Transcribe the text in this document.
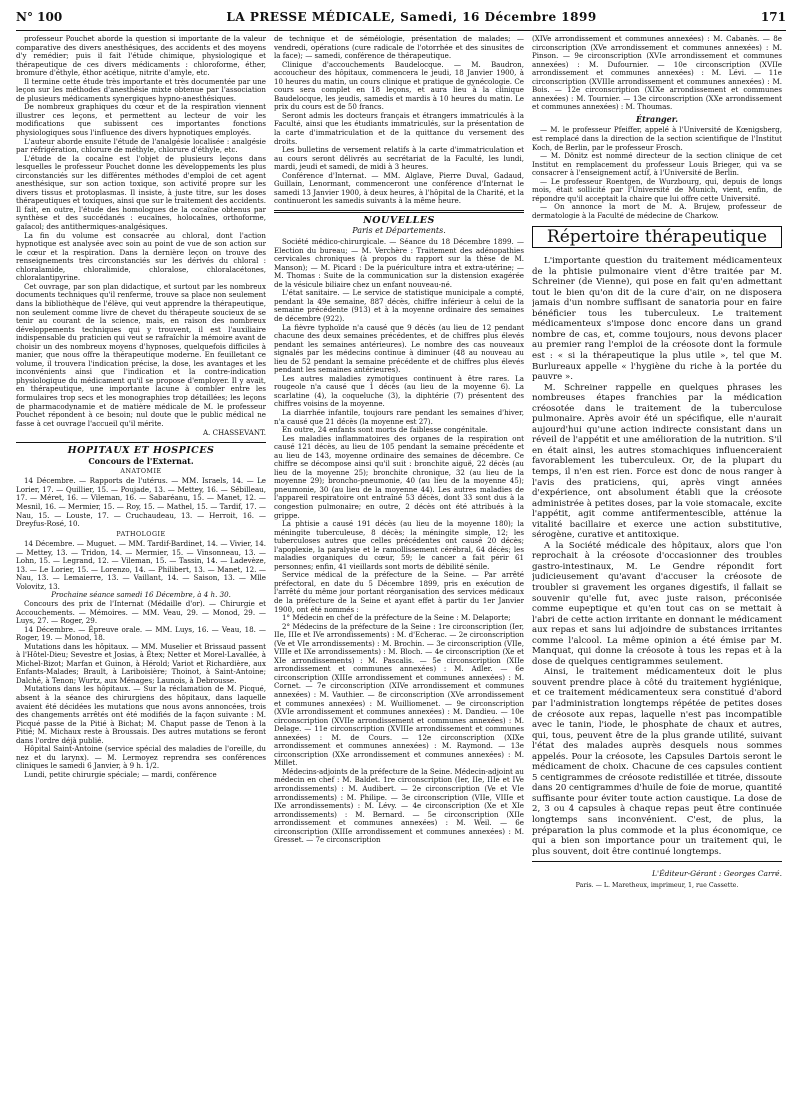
N° 100	LA PRESSE MÉDICALE, Samedi, 16 Décembre 1899	171

professeur Pouchet aborde la question si importante de la valeur comparative des divers anesthésiques, des accidents et des moyens d'y remédier; puis il fait l'étude chimique, physiologique et thérapeutique de ces divers médicaments : chloroforme, éther, bromure d'éthyle, éthor acétique, nitrite d'amyle, etc.

Il termine cette étude très importante et très documentée par une leçon sur les méthodes d'anesthésie mixte obtenue par l'association de plusieurs médicaments synergiques hypno-anesthésiques.

De nombreux graphiques du cœur et de la respiration viennent illustrer ces leçons, et permettent au lecteur de voir les modifications que subissent ces importantes fonctions physiologiques sous l'influence des divers hypnotiques employés.

L'auteur aborde ensuite l'étude de l'analgésie localisée : analgésie par réfrigération, chlorure de méthyle, chlorure d'éthyle, etc.

L'étude de la cocaïne est l'objet de plusieurs leçons dans lesquelles le professeur Pouchet donne les développements les plus circonstanciés sur les différentes méthodes d'emploi de cet agent anesthésique, sur son action toxique, son activité propre sur les divers tissus et protoplasmas. Il insiste, à juste titre, sur les doses thérapeutiques et toxiques, ainsi que sur le traitement des accidents. Il fait, en outre, l'étude des homologues de la cocaïne obtenus par synthèse et des succédanés : eucaïnes, holocaïnes, orthoforme, gaïacol; des antithermiques-analgésiques.

La fin du volume est consacrée au chloral, dont l'action hypnotique est analysée avec soin au point de vue de son action sur le cœur et la respiration. Dans la dernière leçon on trouve des renseignements très circonstanciés sur les dérivés du chloral : chloralamide, chloralimide, chloralose, chloralacétones, chloralantipyrine.

Cet ouvrage, par son plan didactique, et surtout par les nombreux documents techniques qu'il renferme, trouve sa place non seulement dans la bibliothèque de l'élève, qui veut apprendre la thérapeutique, non seulement comme livre de chevet du thérapeute soucieux de se tenir au courant de la science, mais, en raison des nombreux développements techniques qui y trouvent, il est l'auxiliaire indispensable du praticien qui veut se rafraîchir la mémoire avant de choisir un des nombreux moyens d'hypnoses, quelquefois difficiles à manier, que nous offre la thérapeutique moderne. En feuilletant ce volume, il trouvera l'indication précise, la dose, les avantages et les inconvénients ainsi que l'indication et la contre-indication physiologique du médicament qu'il se propose d'employer. Il y avait, en thérapeutique, une importante lacune à combler entre les formulaires trop secs et les monographies trop détaillées; les leçons de pharmacodynamie et de matière médicale de M. le professeur Pouchet répondent à ce besoin; nul doute que le public médical ne fasse à cet ouvrage l'accueil qu'il mérite.

A. CHASSEVANT.
HOPITAUX ET HOSPICES
Concours de l'Externat.
ANATOMIE

14 Décembre. — Rapports de l'utérus. — MM. Israels, 14. — Le Lorier, 17. — Quillier, 15. — Poujade, 13. — Mettey, 16. — Sébilleau, 17. — Méret, 16. — Vileman, 16. — Sabaréanu, 15. — Manet, 12. — Mesnil, 16. — Mermier, 15. — Roy, 15. — Mathel, 15. — Tardif, 17. — Nau, 15. — Louste, 17. — Cruchaudeau, 13. — Herroit, 16. — Dreyfus-Rosé, 10.

PATHOLOGIE

14 Décembre. — Muguet. — MM. Tardif-Bardinet, 14. — Vivier, 14. — Mettey, 13. — Tridon, 14. — Mermier, 15. — Vinsonneau, 13. — Lohn, 15. — Legrand, 12. — Vileman, 15. — Tassin, 14. — Ladevèze, 13. — Le Lorier, 15. — Lorenzo, 14. — Philibert, 13. — Manet, 12. — Nau, 13. — Lemaierre, 13. — Vaillant, 14. — Saison, 13. — Mlle Volovitz, 13.

Prochaine séance samedi 16 Décembre, à 4 h. 30.

Concours des prix de l'Internat (Médaille d'or). — Chirurgie et Accouchements. — Mémoires. — MM. Veau, 29. — Monod, 29. — Luys, 27. — Roger, 29.

14 Décembre. — Épreuve orale. — MM. Luys, 16. — Veau, 18. — Roger, 19. — Monod, 18.

Mutations dans les hôpitaux. — MM. Muselier et Brissaud passent à l'Hôtel-Dieu; Sevestre et Josias, à Étex; Netter et Morel-Lavallée, à Michel-Bizot; Marfan et Guinon, à Hérold; Variot et Richardière, aux Enfants-Malades; Brault, à Lariboisière; Thoinot, à Saint-Antoine; Dalché, à Tenon; Wurtz, aux Ménages; Launois, à Debrousse.

Mutations dans les hôpitaux. — Sur la réclamation de M. Picqué, absent à la séance des chirurgiens des hôpitaux, dans laquelle avaient été décidées les mutations que nous avons annoncées, trois des changements arrêtés ont été modifiés de la façon suivante : M. Picqué passe de la Pitié à Bichat; M. Chaput passe de Tenon à la Pitié; M. Michaux reste à Broussais. Des autres mutations se feront dans l'ordre déjà publié.

Hôpital Saint-Antoine (service spécial des maladies de l'oreille, du nez et du larynx). — M. Lermoyez reprendra ses conférences cliniques le samedi 6 Janvier, à 9 h. 1/2.

Lundi, petite chirurgie spéciale; — mardi, conférence

de technique et de séméiologie, présentation de malades; — vendredi, opérations (cure radicale de l'otorrhée et des sinusites de la face); — samedi, conférence de thérapeutique.

Clinique d'accouchements Baudelocque. — M. Baudron, accoucheur des hôpitaux, commencera le jeudi, 18 Janvier 1900, à 10 heures du matin, un cours clinique et pratique de gynécologie. Ce cours sera complet en 18 leçons, et aura lieu à la clinique Baudelocque, les jeudis, samedis et mardis à 10 heures du matin. Le prix du cours est de 50 francs.

Seront admis les docteurs français et étrangers immatriculés à la Faculté, ainsi que les étudiants immatriculés, sur la présentation de la carte d'immatriculation et de la quittance du versement des droits.

Les bulletins de versement relatifs à la carte d'immatriculation et au cours seront délivrés au secrétariat de la Faculté, les lundi, mardi, jeudi et samedi, de midi à 3 heures.

Conférence d'Internat. — MM. Alglave, Pierre Duval, Gadaud, Guillain, Lenormant, commenceront une conférence d'Internat le samedi 13 Janvier 1900, à deux heures, à l'hôpital de la Charité, et la continueront les samedis suivants à la même heure.

NOUVELLES
Paris et Départements.

Société médico-chirurgicale. — Séance du 18 Décembre 1899. — Election du bureau; — M. Verchère : Traitement des adénopathies cervicales chroniques (à propos du rapport sur la thèse de M. Manson); — M. Picard : De la puériculture intra et extra-utérine; — M. Thomas : Suite de la communication sur la distension exagérée de la vésicule biliaire chez un enfant nouveau-né.

L'état sanitaire. — Le service de statistique municipale a compté, pendant la 49e semaine, 887 décès, chiffre inférieur à celui de la semaine précédente (913) et à la moyenne ordinaire des semaines de décembre (922).

La fièvre typhoïde n'a causé que 9 décès (au lieu de 12 pendant chacune des deux semaines précédentes, et de chiffres plus élevés pendant les semaines antérieures). Le nombre des cas nouveaux signalés par les médecins continue à diminuer (48 au nouveau au lieu de 52 pendant la semaine précédente et de chiffres plus élevés pendant les semaines antérieures).

Les autres maladies zymotiques continuent à être rares. La rougeole n'a causé que 1 décès (au lieu de la moyenne 6). La scarlatine (4), la coqueluche (3), la diphtérie (7) présentent des chiffres voisins de la moyenne.

La diarrhée infantile, toujours rare pendant les semaines d'hiver, n'a causé que 21 décès (la moyenne est 27).

En outre, 24 enfants sont morts de faiblesse congénitale.

Les maladies inflammatoires des organes de la respiration ont causé 121 décès, au lieu de 105 pendant la semaine précédente et au lieu de 143, moyenne ordinaire des semaines de décembre. Ce chiffre se décompose ainsi qu'il suit : bronchite aiguë, 22 décès (au lieu de la moyenne 25); bronchite chronique, 32 (au lieu de la moyenne 29); broncho-pneumonie, 40 (au lieu de la moyenne 45); pneumonie, 30 (au lieu de la moyenne 44). Les autres maladies de l'appareil respiratoire ont entraîné 53 décès, dont 33 sont dus à la congestion pulmonaire; en outre, 2 décès ont été attribués à la grippe.

La phtisie a causé 191 décès (au lieu de la moyenne 180); la méningite tuberculeuse, 8 décès; la méningite simple, 12; les tuberculoses autres que celles précédentes ont causé 20 décès; l'apoplexie, la paralysie et le ramollissement cérébral, 64 décès; les maladies organiques du cœur, 59; le cancer a fait périr 61 personnes; enfin, 41 vieillards sont morts de débilité sénile.

Service médical de la préfecture de la Seine. — Par arrêté préfectoral, en date du 5 Décembre 1899, pris en exécution de l'arrêté du même jour portant réorganisation des services médicaux de la préfecture de la Seine et ayant effet à partir du 1er Janvier 1900, ont été nommés :

1° Médecin en chef de la préfecture de la Seine : M. Delaporte;

2° Médecins de la préfecture de la Seine : 1re circonscription (Ier, IIe, IIIe et IVe arrondissements) : M. d'Echerac. — 2e circonscription (Ve et VIe arrondissements) : M. Brochin. — 3e circonscription (VIIe, VIIIe et IXe arrondissements) : M. Bloch. — 4e circonscription (Xe et XIe arrondissements) : M. Pascalis. — 5e circonscription (XIIe arrondissement et communes annexées) : M. Adler. — 6e circonscription (XIIIe arrondissement et communes annexées) : M. Cornet. — 7e circonscription (XIVe arrondissement et communes annexées) : M. Vauthier. — 8e circonscription (XVe arrondissement et communes annexées) : M. Wuilliomenet. — 9e circonscription (XVIe arrondissement et communes annexées) : M. Dandieu. — 10e circonscription (XVIIe arrondissement et communes annexées) : M. Delage. — 11e circonscription (XVIIIe arrondissement et communes annexées) : M. de Cours. — 12e circonscription (XIXe arrondissement et communes annexées) : M. Raymond. — 13e circonscription (XXe arrondissement et communes annexées) : M. Millet.

Médecins-adjoints de la préfecture de la Seine. Médecin-adjoint au médecin en chef : M. Baldet. 1re circonscription (Ier, IIe, IIIe et IVe arrondissements) : M. Audibert. — 2e circonscription (Ve et VIe arrondissements) : M. Philipe. — 3e circonscription (VIIe, VIIIe et IXe arrondissements) : M. Lévy. — 4e circonscription (Xe et XIe arrondissements) : M. Bernard. — 5e circonscription (XIIe arrondissement et communes annexées) : M. Weil. — 6e circonscription (XIIIe arrondissement et communes annexées) : M. Gresset. — 7e circonscription

(XIVe arrondissement et communes annexées) : M. Cabanès. — 8e circonscription (XVe arrondissement et communes annexées) : M. Pinson. — 9e circonscription (XVIe arrondissement et communes annexées) : M. Dufournier. — 10e circonscription (XVIIe arrondissement et communes annexées) : M. Lévi. — 11e circonscription (XVIIIe arrondissement et communes annexées) : M. Bois. — 12e circonscription (XIXe arrondissement et communes annexées) : M. Tournier. — 13e circonscription (XXe arrondissement et communes annexées) : M. Thoumas.

Étranger.

— M. le professeur Pfeiffer, appelé à l'Université de Kœnigsberg, est remplacé dans la direction de la section scientifique de l'Institut Koch, de Berlin, par le professeur Frosch.

— M. Dönitz est nommé directeur de la section clinique de cet Institut en remplacement du professeur Louis Brieger, qui va se consacrer à l'enseignement actif, à l'Université de Berlin.

— Le professeur Roentgen, de Wurzbourg, qui, depuis de longs mois, était sollicité par l'Université de Munich, vient, enfin, de répondre qu'il acceptait la chaire que lui offre cette Université.

— On annonce la mort de M. A. Brujew, professeur de dermatologie à la Faculté de médecine de Charkow.

Répertoire thérapeutique

L'importante question du traitement médicamenteux de la phtisie pulmonaire vient d'être traitée par M. Schreiner (de Vienne), qui pose en fait qu'en admettant tout le bien qu'on dit de la cure d'air, on ne disposera jamais d'un nombre suffisant de sanatoria pour en faire bénéficier tous les tuberculeux. Le traitement médicamenteux s'impose donc encore dans un grand nombre de cas, et, comme toujours, nous devons placer au premier rang l'emploi de la créosote dont la formule est : « si la thérapeutique la plus utile », tel que M. Burlureaux appelle « l'hygiène du riche à la portée du pauvre ».

M. Schreiner rappelle en quelques phrases les nombreuses étapes franchies par la médication créosotée dans le traitement de la tuberculose pulmonaire. Après avoir été un spécifique, elle n'aurait aujourd'hui qu'une action indirecte consistant dans un réveil de l'appétit et une amélioration de la nutrition. S'il en était ainsi, les autres stomachiques influenceraient favorablement les tuberculeux. Or, de la plupart du temps, il n'en est rien. Force est donc de nous ranger à l'avis des praticiens, qui, après vingt années d'expérience, ont absolument établi que la créosote administrée à petites doses, par la voie stomacale, excite l'appétit, agit comme antifermentescible, atténue la vitalité bacillaire et exerce une action substitutive, sérogène, curative et antitoxique.

A la Société médicale des hôpitaux, alors que l'on reprochait à la créosote d'occasionner des troubles gastro-intestinaux, M. Le Gendre répondit fort judicieusement qu'avant d'accuser la créosote de troubler si gravement les organes digestifs, il fallait se souvenir qu'elle fut, avec juste raison, préconisée comme eupeptique et qu'en tout cas on se mettait à l'abri de cette action irritante en donnant le médicament aux repas et sans lui adjoindre de substances irritantes comme l'alcool. La même opinion a été émise par M. Manquat, qui donne la créosote à tous les repas et à la dose de quelques centigrammes seulement.

Ainsi, le traitement médicamenteux doit le plus souvent prendre place à côté du traitement hygiénique, et ce traitement médicamenteux sera constitué d'abord par l'administration longtemps répétée de petites doses de créosote aux repas, laquelle n'est pas incompatible avec le tanin, l'iode, le phosphate de chaux et autres, qui, tous, peuvent être de la plus grande utilité, suivant l'état des malades auprès desquels nous sommes appelés. Pour la créosote, les Capsules Dartois seront le médicament de choix. Chacune de ces capsules contient 5 centigrammes de créosote redistillée et titrée, dissoute dans 20 centigrammes d'huile de foie de morue, quantité suffisante pour éviter toute action caustique. La dose de 2, 3 ou 4 capsules à chaque repas peut être continuée longtemps sans inconvénient. C'est, de plus, la préparation la plus commode et la plus économique, ce qui a bien son importance pour un traitement qui, le plus souvent, doit être continué longtemps.

L'Éditeur-Gérant : Georges Carré.
Paris. — L. Maretheux, imprimeur, 1, rue Cassette.
